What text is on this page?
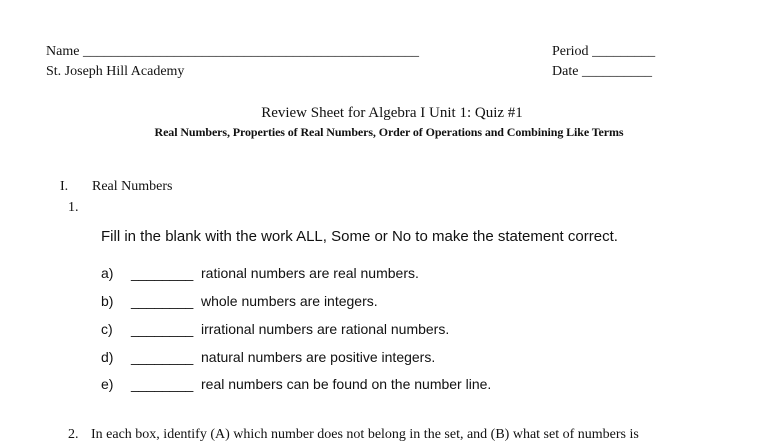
Name ________________________________________________
St. Joseph Hill Academy
Period _________
Date __________
Review Sheet for Algebra I Unit 1: Quiz #1
Real Numbers, Properties of Real Numbers, Order of Operations and Combining Like Terms
I. Real Numbers
1.
Fill in the blank with the work ALL, Some or No to make the statement correct.
a) ________ rational numbers are real numbers.
b) ________ whole numbers are integers.
c) ________ irrational numbers are rational numbers.
d) ________ natural numbers are positive integers.
e) ________ real numbers can be found on the number line.
2. In each box, identify (A) which number does not belong in the set, and (B) what set of numbers is
